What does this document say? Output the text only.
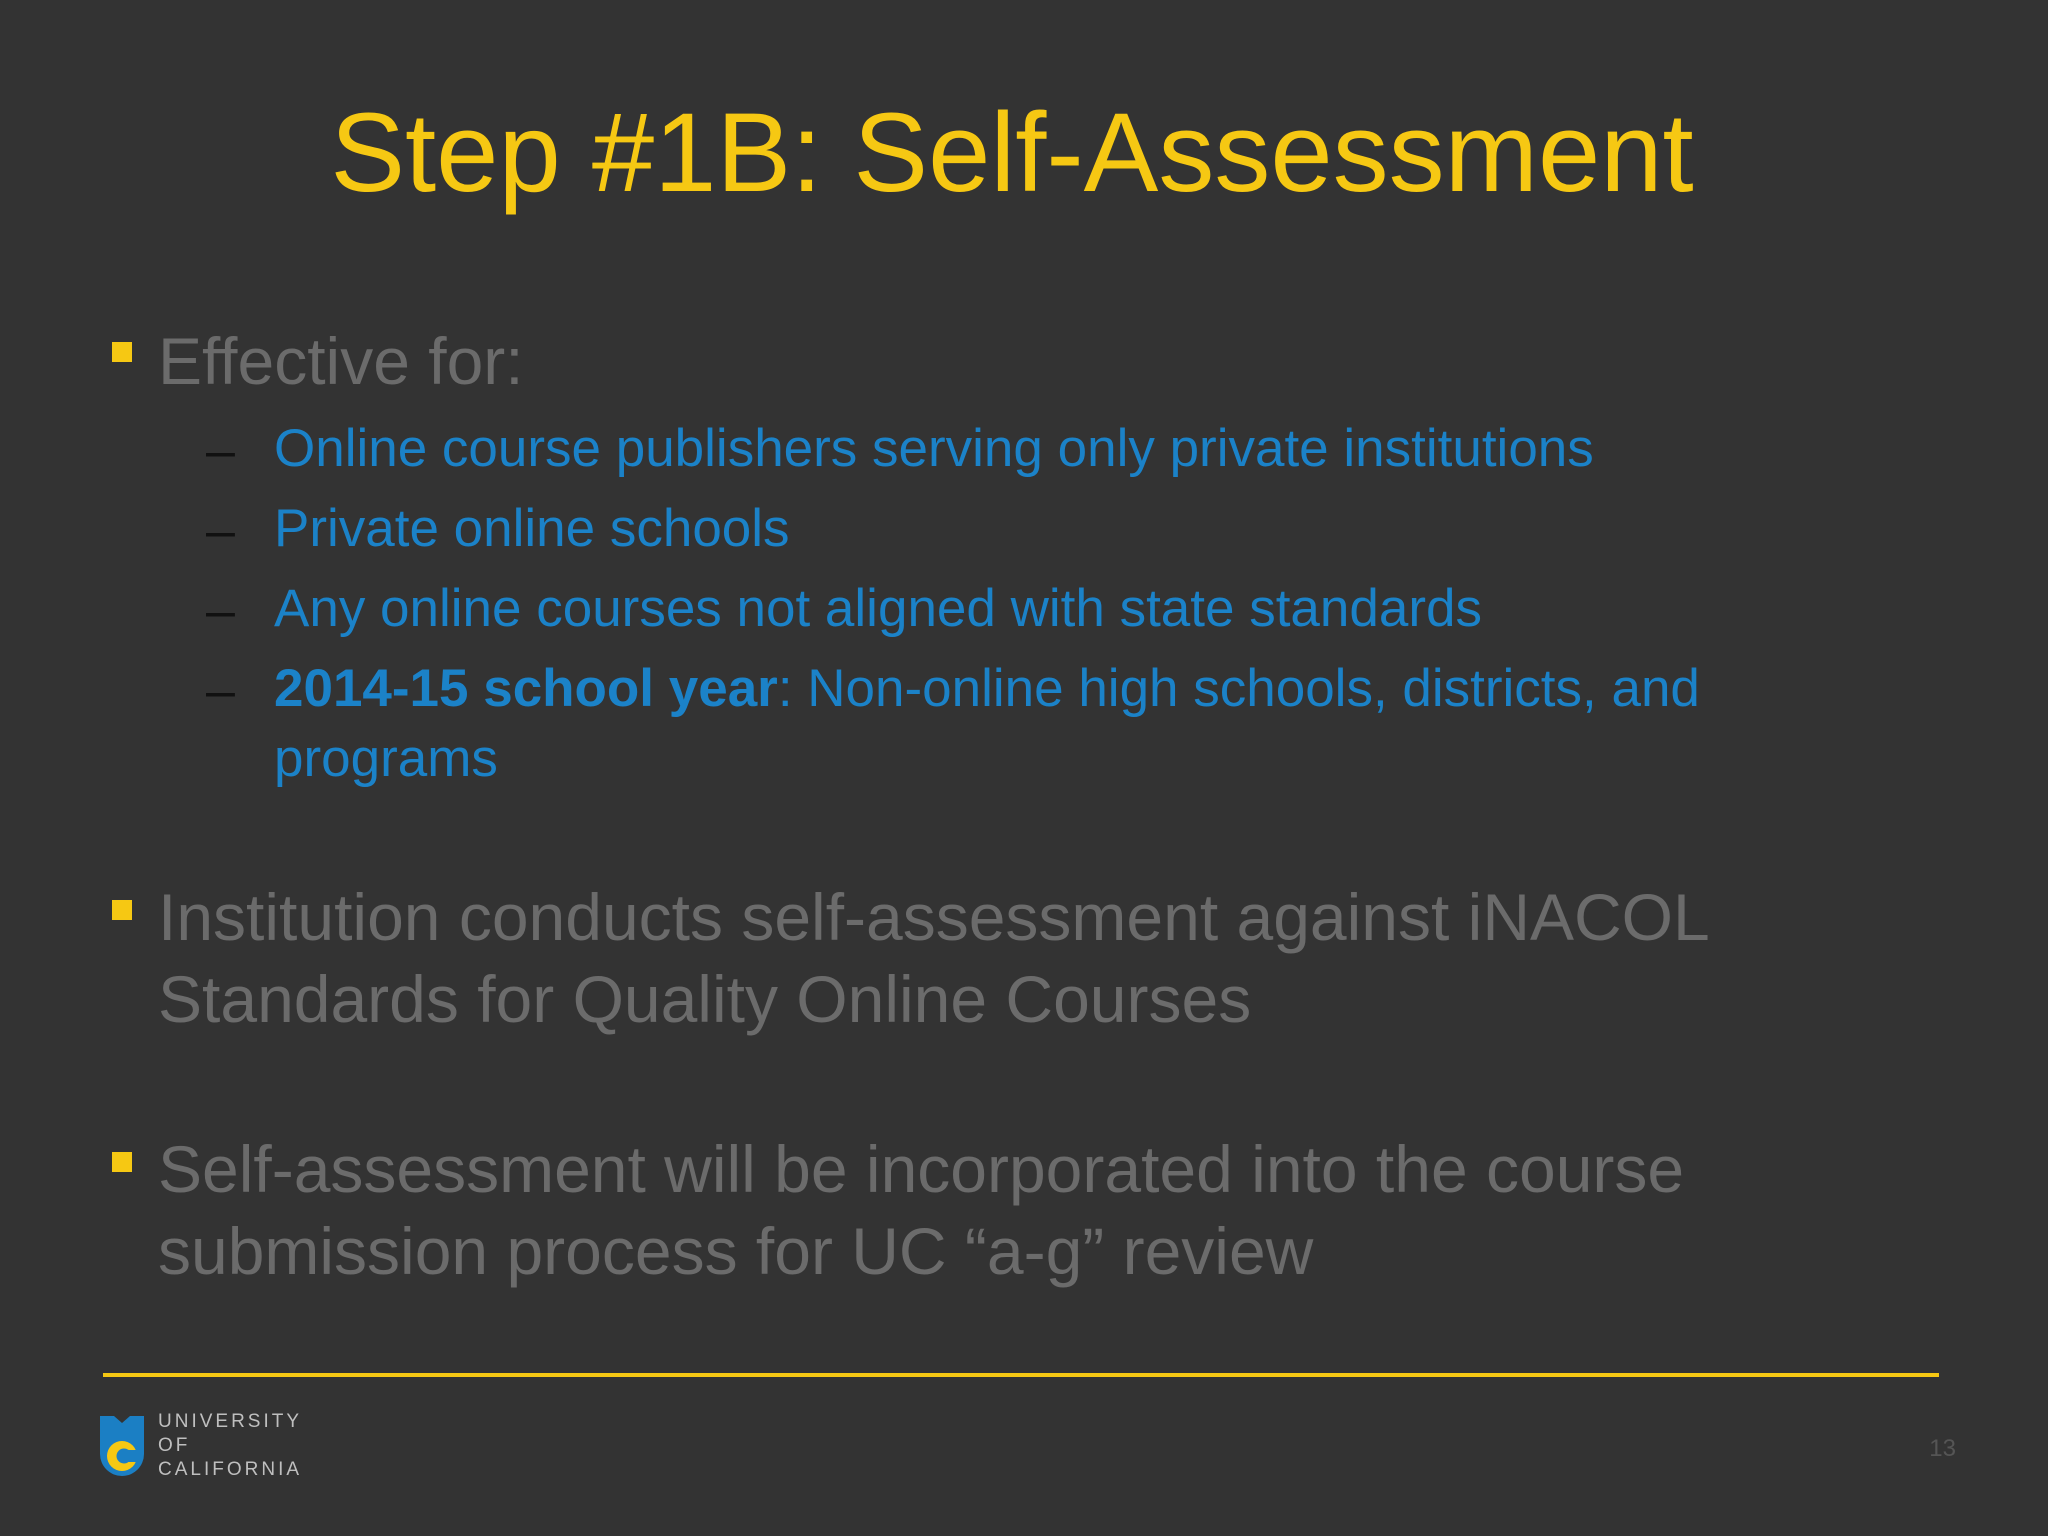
Step #1B: Self-Assessment
Effective for:
– Online course publishers serving only private institutions
– Private online schools
– Any online courses not aligned with state standards
– 2014-15 school year: Non-online high schools, districts, and programs
Institution conducts self-assessment against iNACOL
Standards for Quality Online Courses
Self-assessment will be incorporated into the course
submission process for UC “a-g” review
UNIVERSITY
OF
CALIFORNIA
13
